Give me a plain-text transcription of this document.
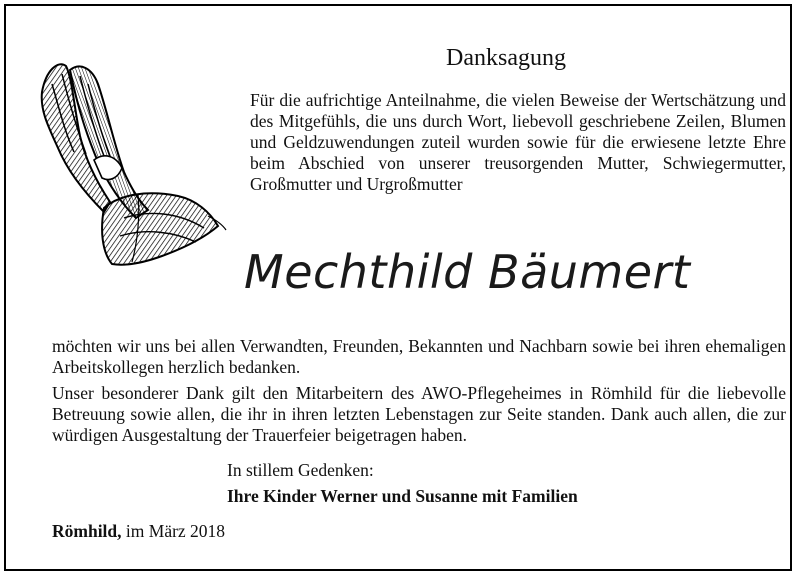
Danksagung
Für die aufrichtige Anteilnahme, die vielen Beweise der Wertschätzung und des Mitgefühls, die uns durch Wort, liebevoll geschriebene Zeilen, Blumen und Geldzuwendungen zuteil wurden sowie für die erwiesene letzte Ehre beim Abschied von unserer treusorgenden Mutter, Schwiegermutter, Großmutter und Urgroßmutter
Mechthild Bäumert

möchten wir uns bei allen Verwandten, Freunden, Bekannten und Nachbarn sowie bei ihren ehemaligen Arbeitskollegen herzlich bedanken.

Unser besonderer Dank gilt den Mitarbeitern des AWO-Pflegeheimes in Römhild für die liebevolle Betreuung sowie allen, die ihr in ihren letzten Lebenstagen zur Seite standen. Dank auch allen, die zur würdigen Ausgestaltung der Trauerfeier beigetragen haben.

In stillem Gedenken:
Ihre Kinder Werner und Susanne mit Familien
Römhild, im März 2018
